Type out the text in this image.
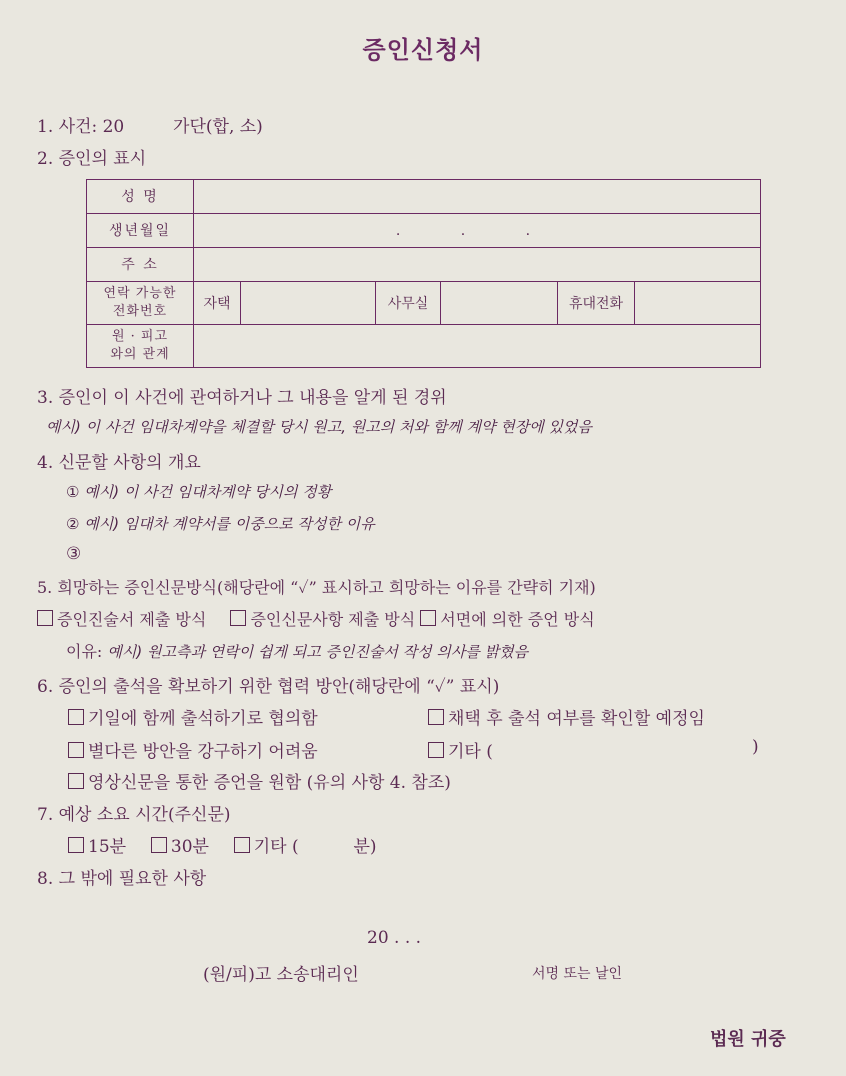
증인신청서
1. 사건: 20	가단(합, 소)
2. 증인의 표시
성 명						
생년월일	. . .					
주 소						

연락 가능한
전화번호	자택		사무실		휴대전화	

원 · 피고
와의 관계						

3. 증인이 이 사건에 관여하거나 그 내용을 알게 된 경위
예시) 이 사건 임대차계약을 체결할 당시 원고, 원고의 처와 함께 계약 현장에 있었음
4. 신문할 사항의 개요
① 예시) 이 사건 임대차계약 당시의 정황
② 예시) 임대차 계약서를 이중으로 작성한 이유
③
5. 희망하는 증인신문방식(해당란에 “✓” 표시하고 희망하는 이유를 간략히 기재)
증인진술서 제출 방식	증인신문사항 제출 방식 서면에 의한 증언 방식
이유: 예시) 원고측과 연락이 쉽게 되고 증인진술서 작성 의사를 밝혔음
6. 증인의 출석을 확보하기 위한 협력 방안(해당란에 “✓” 표시)
기일에 함께 출석하기로 협의함	채택 후 출석 여부를 확인할 예정임
별다른 방안을 강구하기 어려움	기타 (	)
영상신문을 통한 증언을 원함 (유의 사항 4. 참조)
7. 예상 소요 시간(주신문)
15분	30분	기타 (	분)
8. 그 밖에 필요한 사항
20 . . .
(원/피)고 소송대리인	서명 또는 날인
법원 귀중
